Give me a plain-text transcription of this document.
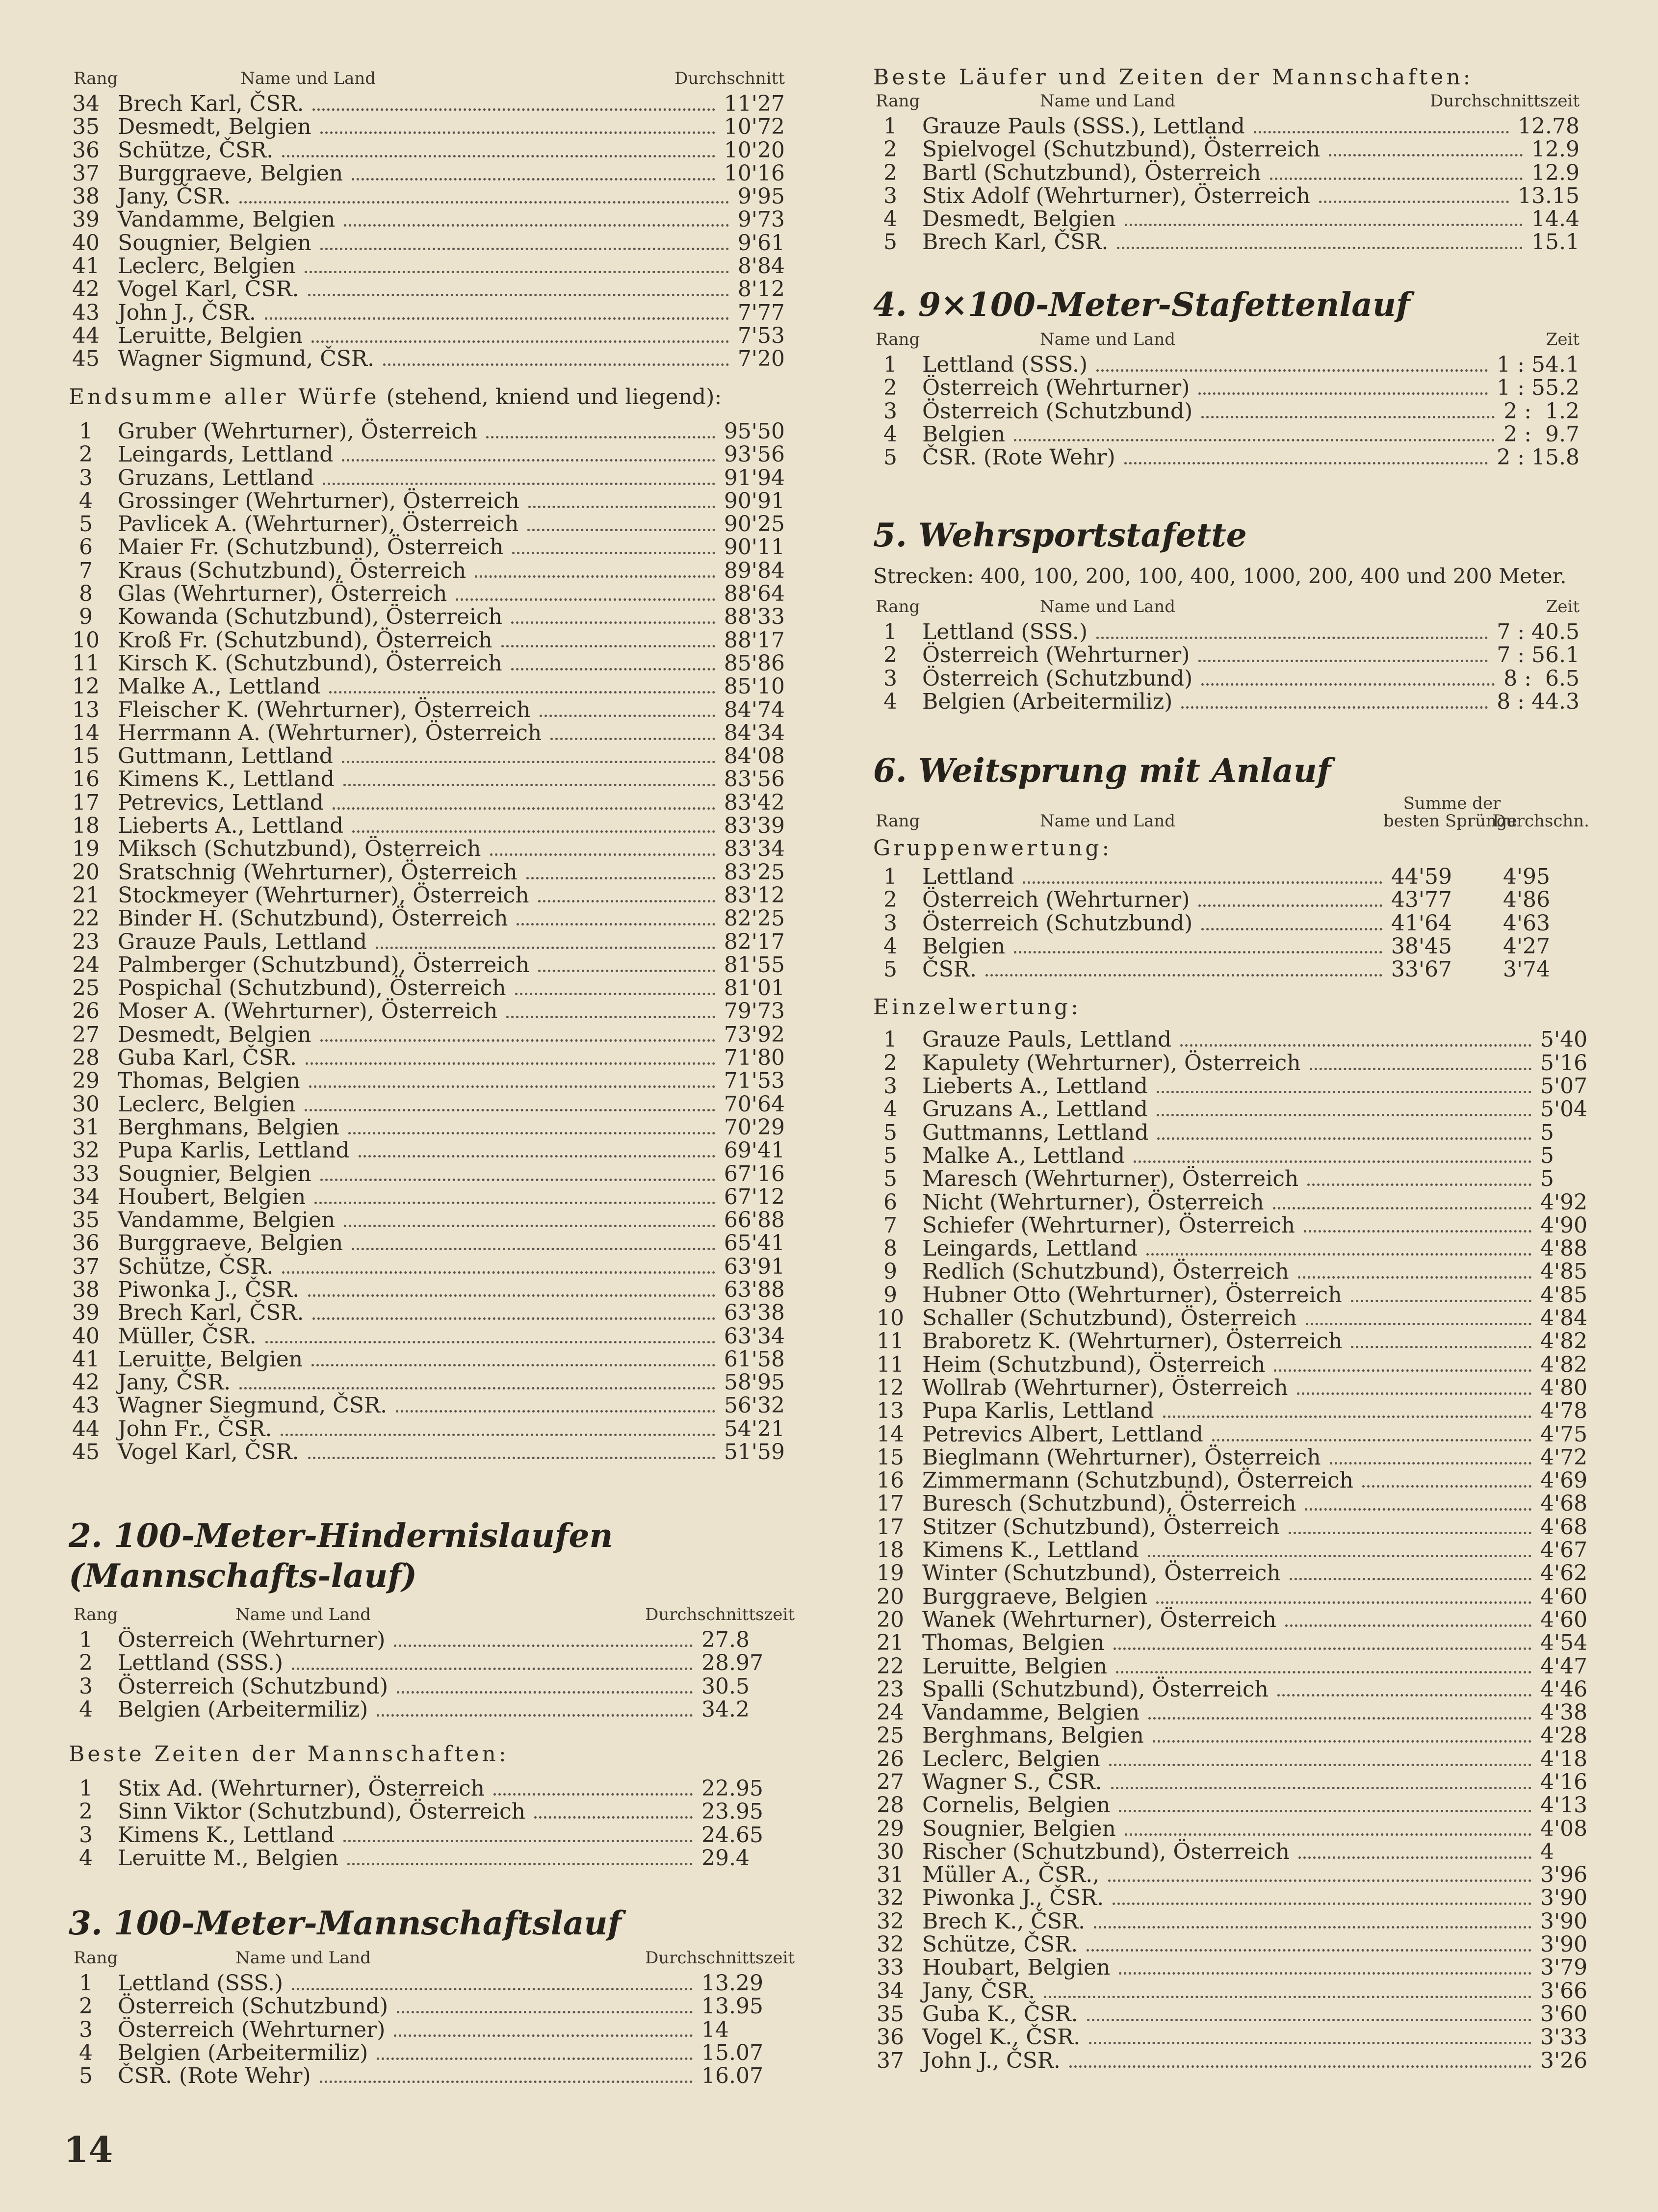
Rang	Name und Land	Durchschnitt
34 Brech Karl, ČSR.	11'27
35 Desmedt, Belgien	10'72
36 Schütze, ČSR.	10'20
37 Burggraeve, Belgien	10'16
38 Jany, ČSR.	9'95
39 Vandamme, Belgien	9'73
40 Sougnier, Belgien	9'61
41 Leclerc, Belgien	8'84
42 Vogel Karl, ČSR.	8'12
43 John J., ČSR.	7'77
44 Leruitte, Belgien	7'53
45 Wagner Sigmund, ČSR.	7'20
Endsumme aller Würfe (stehend, kniend und liegend):
1	Gruber (Wehrturner), Österreich	95'50
2	Leingards, Lettland	93'56
3	Gruzans, Lettland	91'94
4	Grossinger (Wehrturner), Österreich	90'91
5	Pavlicek A. (Wehrturner), Österreich	90'25
6	Maier Fr. (Schutzbund), Österreich	90'11
7	Kraus (Schutzbund), Österreich	89'84
8	Glas (Wehrturner), Österreich	88'64
9	Kowanda (Schutzbund), Österreich	88'33
10 Kroß Fr. (Schutzbund), Österreich	88'17
11 Kirsch K. (Schutzbund), Österreich	85'86
12 Malke A., Lettland	85'10
13 Fleischer K. (Wehrturner), Österreich	84'74
14 Herrmann A. (Wehrturner), Österreich	84'34
15 Guttmann, Lettland	84'08
16 Kimens K., Lettland	83'56
17 Petrevics, Lettland	83'42
18 Lieberts A., Lettland	83'39
19 Miksch (Schutzbund), Österreich	83'34
20 Sratschnig (Wehrturner), Österreich	83'25
21 Stockmeyer (Wehrturner), Österreich	83'12
22 Binder H. (Schutzbund), Österreich	82'25
23 Grauze Pauls, Lettland	82'17
24 Palmberger (Schutzbund), Österreich	81'55
25 Pospichal (Schutzbund), Österreich	81'01
26 Moser A. (Wehrturner), Österreich	79'73
27 Desmedt, Belgien	73'92
28 Guba Karl, ČSR.	71'80
29 Thomas, Belgien	71'53
30 Leclerc, Belgien	70'64
31 Berghmans, Belgien	70'29
32 Pupa Karlis, Lettland	69'41
33 Sougnier, Belgien	67'16
34 Houbert, Belgien	67'12
35 Vandamme, Belgien	66'88
36 Burggraeve, Belgien	65'41
37 Schütze, ČSR.	63'91
38 Piwonka J., ČSR.	63'88
39 Brech Karl, ČSR.	63'38
40 Müller, ČSR.	63'34
41 Leruitte, Belgien	61'58
42 Jany, ČSR.	58'95
43 Wagner Siegmund, ČSR.	56'32
44 John Fr., ČSR.	54'21
45 Vogel Karl, ČSR.	51'59
2. 100-Meter-Hindernislaufen (Mannschafts-lauf)
Rang	Name und Land	Durchschnittszeit
1	Österreich (Wehrturner)	27.8
2	Lettland (SSS.)	28.97
3	Österreich (Schutzbund)	30.5
4	Belgien (Arbeitermiliz)	34.2
Beste Zeiten der Mannschaften:
1	Stix Ad. (Wehrturner), Österreich	22.95
2	Sinn Viktor (Schutzbund), Österreich	23.95
3	Kimens K., Lettland	24.65
4	Leruitte M., Belgien	29.4
3. 100-Meter-Mannschaftslauf
Rang	Name und Land	Durchschnittszeit
1	Lettland (SSS.)	13.29
2	Österreich (Schutzbund)	13.95
3	Österreich (Wehrturner)	14
4	Belgien (Arbeitermiliz)	15.07
5	ČSR. (Rote Wehr)	16.07
Beste Läufer und Zeiten der Mannschaften:
Rang	Name und Land	Durchschnittszeit
1	Grauze Pauls (SSS.), Lettland	12.78
2	Spielvogel (Schutzbund), Österreich	12.9
2	Bartl (Schutzbund), Österreich	12.9
3	Stix Adolf (Wehrturner), Österreich	13.15
4	Desmedt, Belgien	14.4
5	Brech Karl, ČSR.	15.1
4. 9×100-Meter-Stafettenlauf
Rang	Name und Land	Zeit
1	Lettland (SSS.)	1 : 54.1
2	Österreich (Wehrturner)	1 : 55.2
3	Österreich (Schutzbund)	2 :  1.2
4	Belgien	2 :  9.7
5	ČSR. (Rote Wehr)	2 : 15.8
5. Wehrsportstafette
Strecken: 400, 100, 200, 100, 400, 1000, 200, 400 und 200 Meter.
Rang	Name und Land	Zeit
1	Lettland (SSS.)	7 : 40.5
2	Österreich (Wehrturner)	7 : 56.1
3	Österreich (Schutzbund)	8 :  6.5
4	Belgien (Arbeitermiliz)	8 : 44.3
6. Weitsprung mit Anlauf
Rang	Name und Land
Summe der
besten Sprünge
Durchschn.
Gruppenwertung:
1	Lettland	44'59 4'95
2	Österreich (Wehrturner)	43'77 4'86
3	Österreich (Schutzbund)	41'64 4'63
4	Belgien	38'45 4'27
5	ČSR.	33'67 3'74
Einzelwertung:
1	Grauze Pauls, Lettland	5'40
2	Kapulety (Wehrturner), Österreich	5'16
3	Lieberts A., Lettland	5'07
4	Gruzans A., Lettland	5'04
5	Guttmanns, Lettland	5
5	Malke A., Lettland	5
5	Maresch (Wehrturner), Österreich	5
6	Nicht (Wehrturner), Österreich	4'92
7	Schiefer (Wehrturner), Österreich	4'90
8	Leingards, Lettland	4'88
9	Redlich (Schutzbund), Österreich	4'85
9	Hubner Otto (Wehrturner), Österreich	4'85
10 Schaller (Schutzbund), Österreich	4'84
11 Braboretz K. (Wehrturner), Österreich	4'82
11 Heim (Schutzbund), Österreich	4'82
12 Wollrab (Wehrturner), Österreich	4'80
13 Pupa Karlis, Lettland	4'78
14 Petrevics Albert, Lettland	4'75
15 Bieglmann (Wehrturner), Österreich	4'72
16 Zimmermann (Schutzbund), Österreich	4'69
17 Buresch (Schutzbund), Österreich	4'68
17 Stitzer (Schutzbund), Österreich	4'68
18 Kimens K., Lettland	4'67
19 Winter (Schutzbund), Österreich	4'62
20 Burggraeve, Belgien	4'60
20 Wanek (Wehrturner), Österreich	4'60
21 Thomas, Belgien	4'54
22 Leruitte, Belgien	4'47
23 Spalli (Schutzbund), Österreich	4'46
24 Vandamme, Belgien	4'38
25 Berghmans, Belgien	4'28
26 Leclerc, Belgien	4'18
27 Wagner S., ČSR.	4'16
28 Cornelis, Belgien	4'13
29 Sougnier, Belgien	4'08
30 Rischer (Schutzbund), Österreich	4
31 Müller A., ČSR.,	3'96
32 Piwonka J., ČSR.	3'90
32 Brech K., ČSR.	3'90
32 Schütze, ČSR.	3'90
33 Houbart, Belgien	3'79
34 Jany, ČSR.	3'66
35 Guba K., ČSR.	3'60
36 Vogel K., ČSR.	3'33
37 John J., ČSR.	3'26
14
